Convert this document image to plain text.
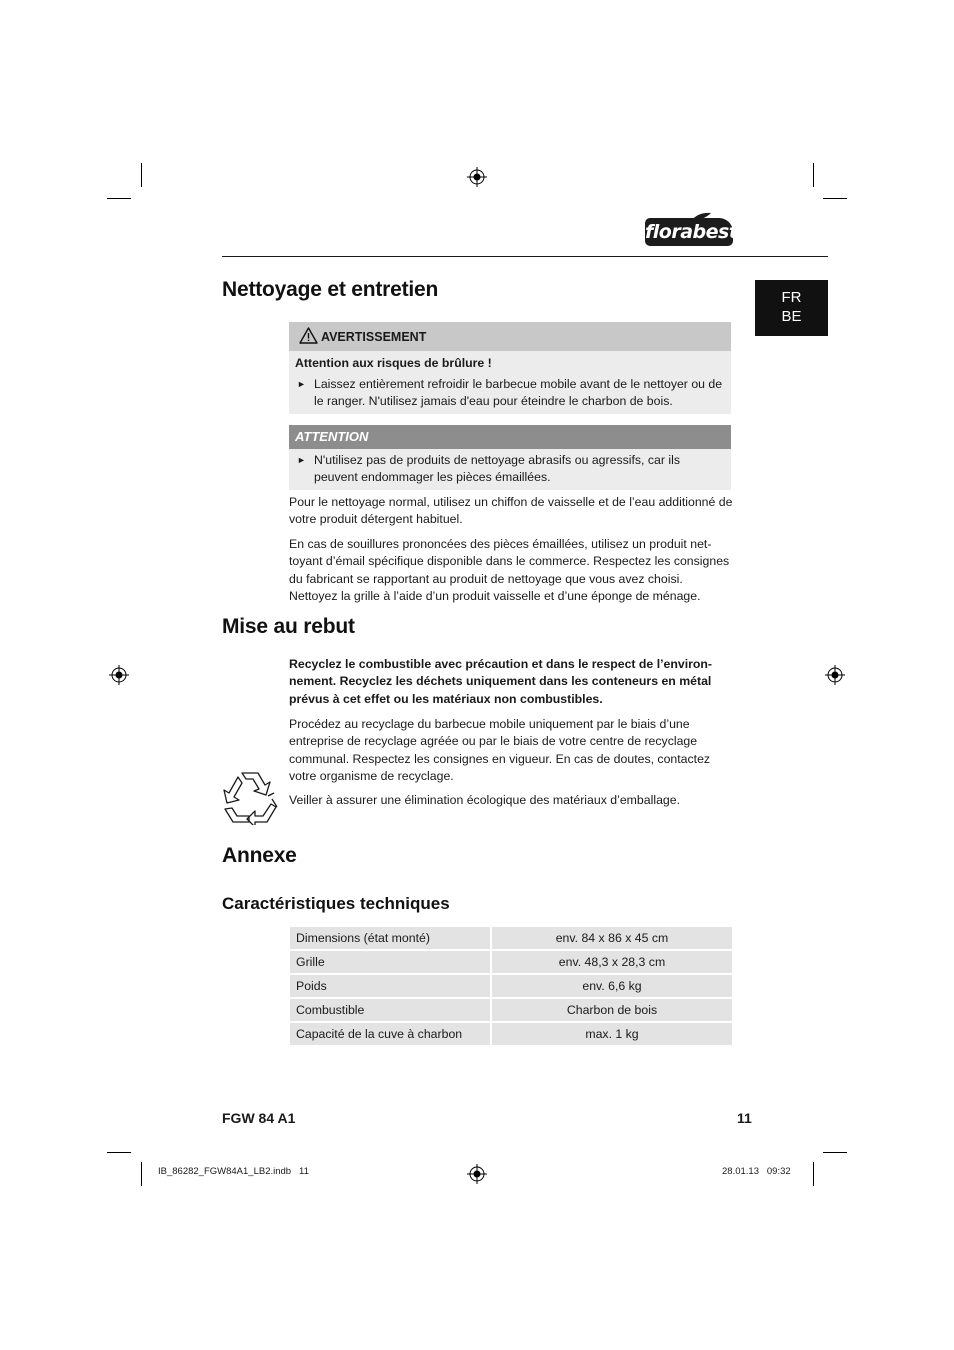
florabest
FR
BE
Nettoyage et entretien
AVERTISSEMENT
Attention aux risques de brûlure !
► Laissez entièrement refroidir le barbecue mobile avant de le nettoyer ou de le ranger. N'utilisez jamais d'eau pour éteindre le charbon de bois.
ATTENTION
► N'utilisez pas de produits de nettoyage abrasifs ou agressifs, car ils peuvent endommager les pièces émaillées.

Pour le nettoyage normal, utilisez un chiffon de vaisselle et de l’eau additionné de votre produit détergent habituel.

En cas de souillures prononcées des pièces émaillées, utilisez un produit net-toyant d’émail spécifique disponible dans le commerce. Respectez les consignes du fabricant se rapportant au produit de nettoyage que vous avez choisi. Nettoyez la grille à l’aide d’un produit vaisselle et d’une éponge de ménage.

Mise au rebut

Recyclez le combustible avec précaution et dans le respect de l’environ-nement. Recyclez les déchets uniquement dans les conteneurs en métal prévus à cet effet ou les matériaux non combustibles.

Procédez au recyclage du barbecue mobile uniquement par le biais d’une entreprise de recyclage agréée ou par le biais de votre centre de recyclage communal. Respectez les consignes en vigueur. En cas de doutes, contactez votre organisme de recyclage.

Veiller à assurer une élimination écologique des matériaux d’emballage.

Annexe
Caractéristiques techniques
Dimensions (état monté)	env. 84 x 86 x 45 cm
Grille	env. 48,3 x 28,3 cm
Poids	env. 6,6 kg
Combustible	Charbon de bois
Capacité de la cuve à charbon	max. 1 kg
FGW 84 A1	11
IB_86282_FGW84A1_LB2.indb   11	28.01.13   09:32
